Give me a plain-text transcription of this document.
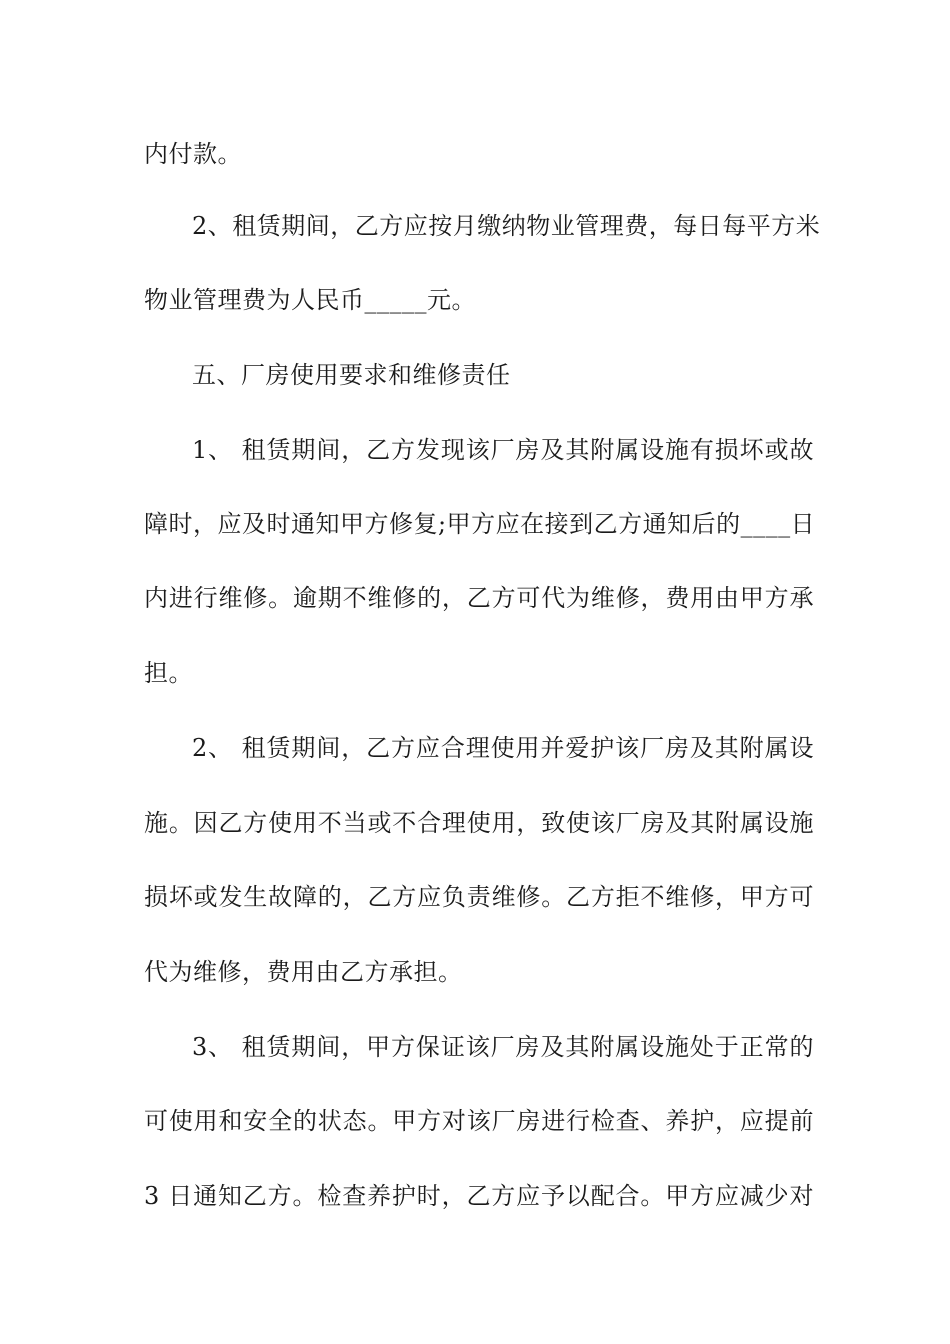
内付款。
2、租赁期间，乙方应按月缴纳物业管理费，每日每平方米
物业管理费为人民币_____元。
五、厂房使用要求和维修责任
1、 租赁期间，乙方发现该厂房及其附属设施有损坏或故
障时，应及时通知甲方修复;甲方应在接到乙方通知后的____日
内进行维修。逾期不维修的，乙方可代为维修，费用由甲方承
担。
2、 租赁期间，乙方应合理使用并爱护该厂房及其附属设
施。因乙方使用不当或不合理使用，致使该厂房及其附属设施
损坏或发生故障的，乙方应负责维修。乙方拒不维修，甲方可
代为维修，费用由乙方承担。
3、 租赁期间，甲方保证该厂房及其附属设施处于正常的
可使用和安全的状态。甲方对该厂房进行检查、养护，应提前
3 日通知乙方。检查养护时，乙方应予以配合。甲方应减少对
